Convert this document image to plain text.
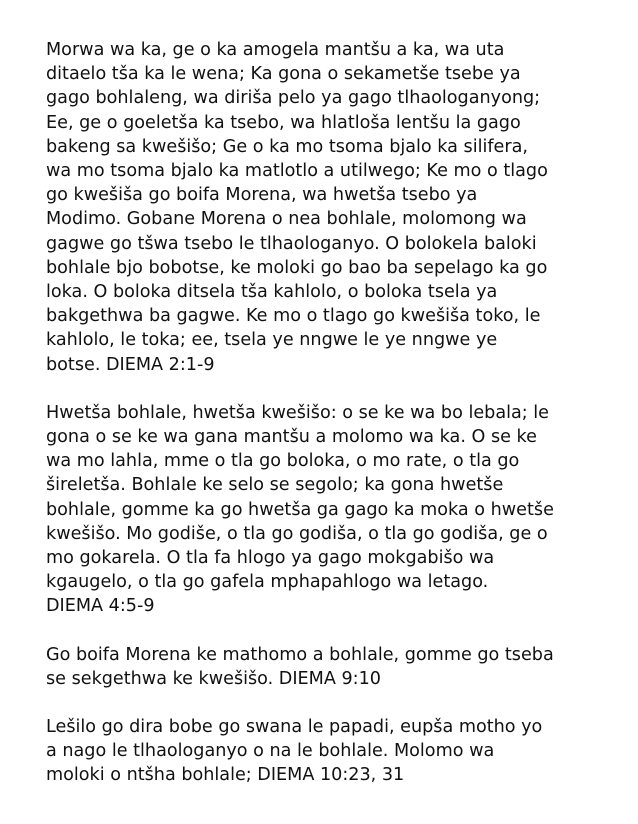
Morwa wa ka, ge o ka amogela mantšu a ka, wa uta
ditaelo tša ka le wena; Ka gona o sekametše tsebe ya
gago bohlaleng, wa diriša pelo ya gago tlhaologanyong;
Ee, ge o goeletša ka tsebo, wa hlatloša lentšu la gago
bakeng sa kwešišo; Ge o ka mo tsoma bjalo ka silifera,
wa mo tsoma bjalo ka matlotlo a utilwego; Ke mo o tlago
go kwešiša go boifa Morena, wa hwetša tsebo ya
Modimo. Gobane Morena o nea bohlale, molomong wa
gagwe go tšwa tsebo le tlhaologanyo. O bolokela baloki
bohlale bjo bobotse, ke moloki go bao ba sepelago ka go
loka. O boloka ditsela tša kahlolo, o boloka tsela ya
bakgethwa ba gagwe. Ke mo o tlago go kwešiša toko, le
kahlolo, le toka; ee, tsela ye nngwe le ye nngwe ye
botse. DIEMA 2:1-9

Hwetša bohlale, hwetša kwešišo: o se ke wa bo lebala; le
gona o se ke wa gana mantšu a molomo wa ka. O se ke
wa mo lahla, mme o tla go boloka, o mo rate, o tla go
šireletša. Bohlale ke selo se segolo; ka gona hwetše
bohlale, gomme ka go hwetša ga gago ka moka o hwetše
kwešišo. Mo godiše, o tla go godiša, o tla go godiša, ge o
mo gokarela. O tla fa hlogo ya gago mokgabišo wa
kgaugelo, o tla go gafela mphapahlogo wa letago.
DIEMA 4:5-9

Go boifa Morena ke mathomo a bohlale, gomme go tseba
se sekgethwa ke kwešišo. DIEMA 9:10

Lešilo go dira bobe go swana le papadi, eupša motho yo
a nago le tlhaologanyo o na le bohlale. Molomo wa
moloki o ntšha bohlale; DIEMA 10:23, 31
